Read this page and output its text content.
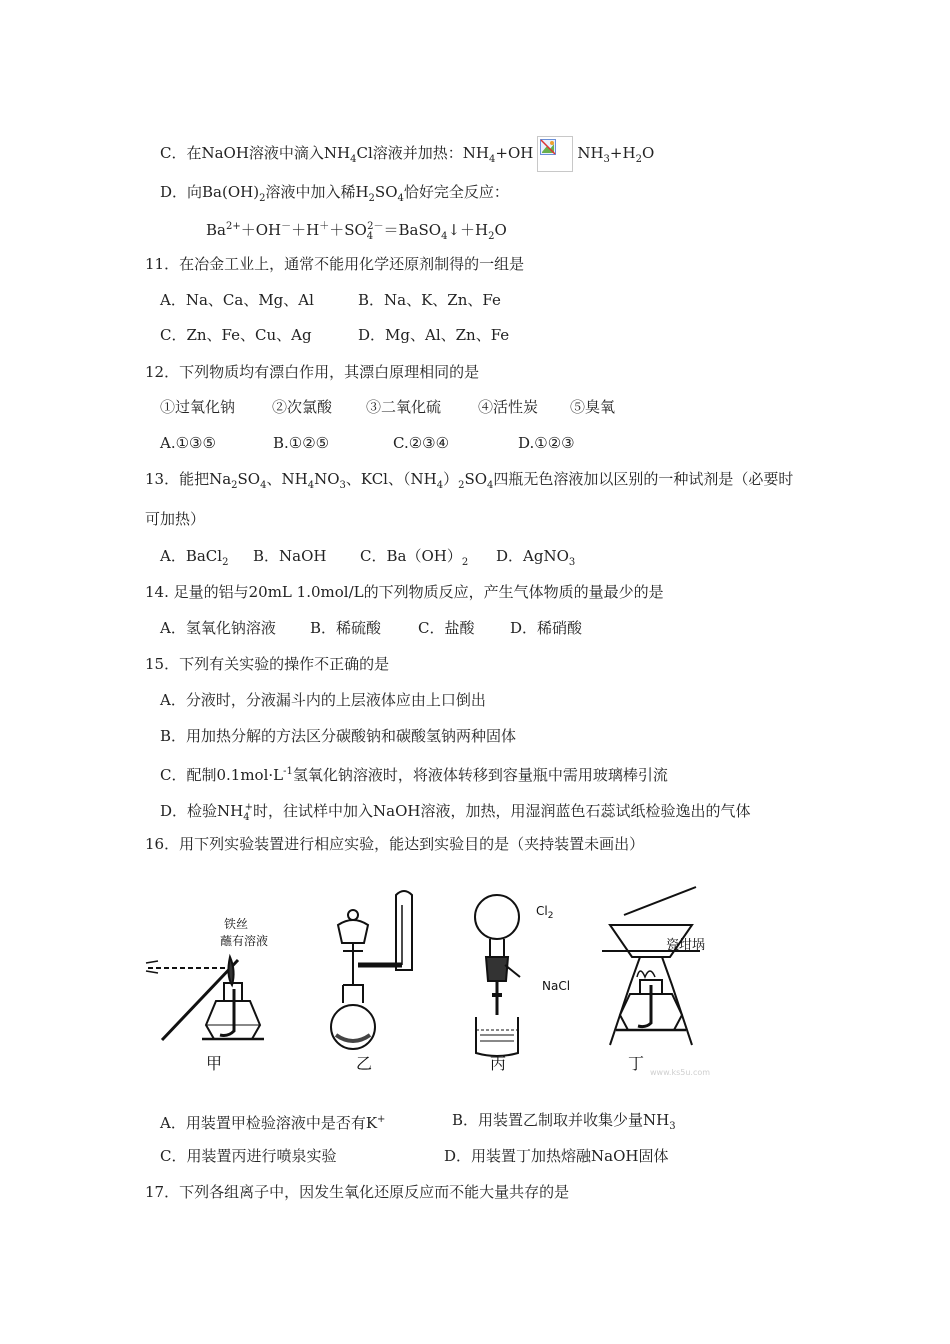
C．在NaOH溶液中滴入$NH_4Cl$溶液并加热：$NH_4+OH$	$NH_3+H_2O$
D．向$Ba(OH)_2$溶液中加入稀$H_2SO_4$恰好完全反应：
$Ba^{2+}+OH^-+H^++SO_4^{2-}=BaSO_4↓+H_2O$
11．在冶金工业上，通常不能用化学还原剂制得的一组是
A．Na、Ca、Mg、Al	B．Na、K、Zn、Fe
C．Zn、Fe、Cu、Ag	D．Mg、Al、Zn、Fe
12．下列物质均有漂白作用，其漂白原理相同的是
①过氧化钠 ②次氯酸 ③二氧化硫 ④活性炭 ⑤臭氧
A.①③⑤	B.①②⑤	C.②③④	D.①②③
13．能把$Na_2SO_4$、$NH_4NO_3$、KCl、$(NH_4)_2SO_4$四瓶无色溶液加以区别的一种试剂是（必要时
可加热）
A．BaCl$_2$ B．NaOH C．$Ba(OH)_2$ D．AgNO$_3$
14. 足量的铝与20mL 1.0mol/L的下列物质反应，产生气体物质的量最少的是
A．氢氧化钠溶液 B．稀硫酸 C．盐酸 D．稀硝酸
15．下列有关实验的操作不正确的是
A．分液时，分液漏斗内的上层液体应由上口倒出
B．用加热分解的方法区分碳酸钠和碳酸氢钠两种固体
C．配制$0.1mol\cdot L^{-1}$氢氧化钠溶液时，将液体转移到容量瓶中需用玻璃棒引流
D．检验$NH_4^+$时，往试样中加入NaOH溶液，加热，用湿润蓝色石蕊试纸检验逸出的气体
16．用下列实验装置进行相应实验，能达到实验目的是（夹持装置未画出）
铁丝
蘸有溶液
$Cl_2$
NaCl
瓷坩埚
甲	乙	丙	丁 www.ks5u.com
A．用装置甲检验溶液中是否有K+	B．用装置乙制取并收集少量$NH_3$
C．用装置丙进行喷泉实验	D．用装置丁加热熔融NaOH固体
17．下列各组离子中，因发生氧化还原反应而不能大量共存的是
